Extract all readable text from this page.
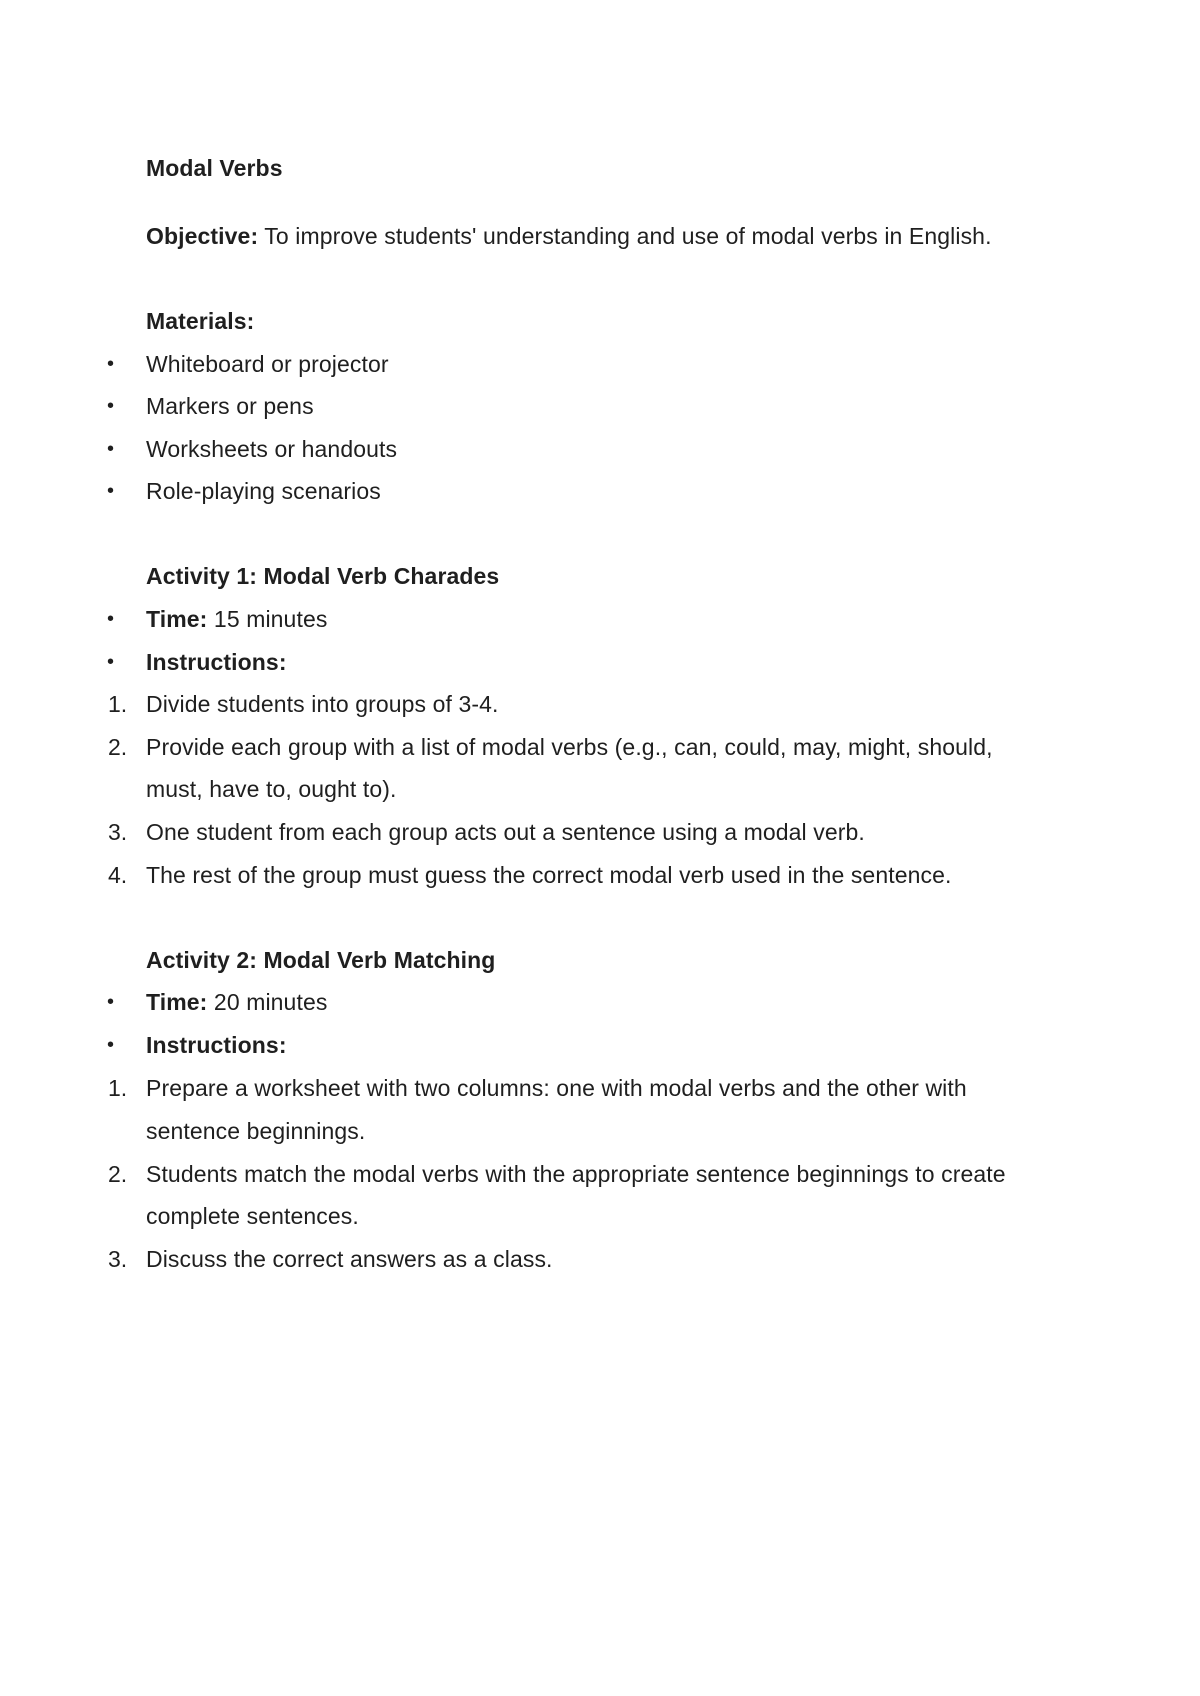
Modal Verbs
Objective: To improve students' understanding and use of modal verbs in English.
Materials:
• Whiteboard or projector
• Markers or pens
• Worksheets or handouts
• Role-playing scenarios
Activity 1: Modal Verb Charades
• Time: 15 minutes
• Instructions:
1. Divide students into groups of 3-4.
2. Provide each group with a list of modal verbs (e.g., can, could, may, might, should,
must, have to, ought to).
3. One student from each group acts out a sentence using a modal verb.
4. The rest of the group must guess the correct modal verb used in the sentence.
Activity 2: Modal Verb Matching
• Time: 20 minutes
• Instructions:
1. Prepare a worksheet with two columns: one with modal verbs and the other with
sentence beginnings.
2. Students match the modal verbs with the appropriate sentence beginnings to create
complete sentences.
3. Discuss the correct answers as a class.
